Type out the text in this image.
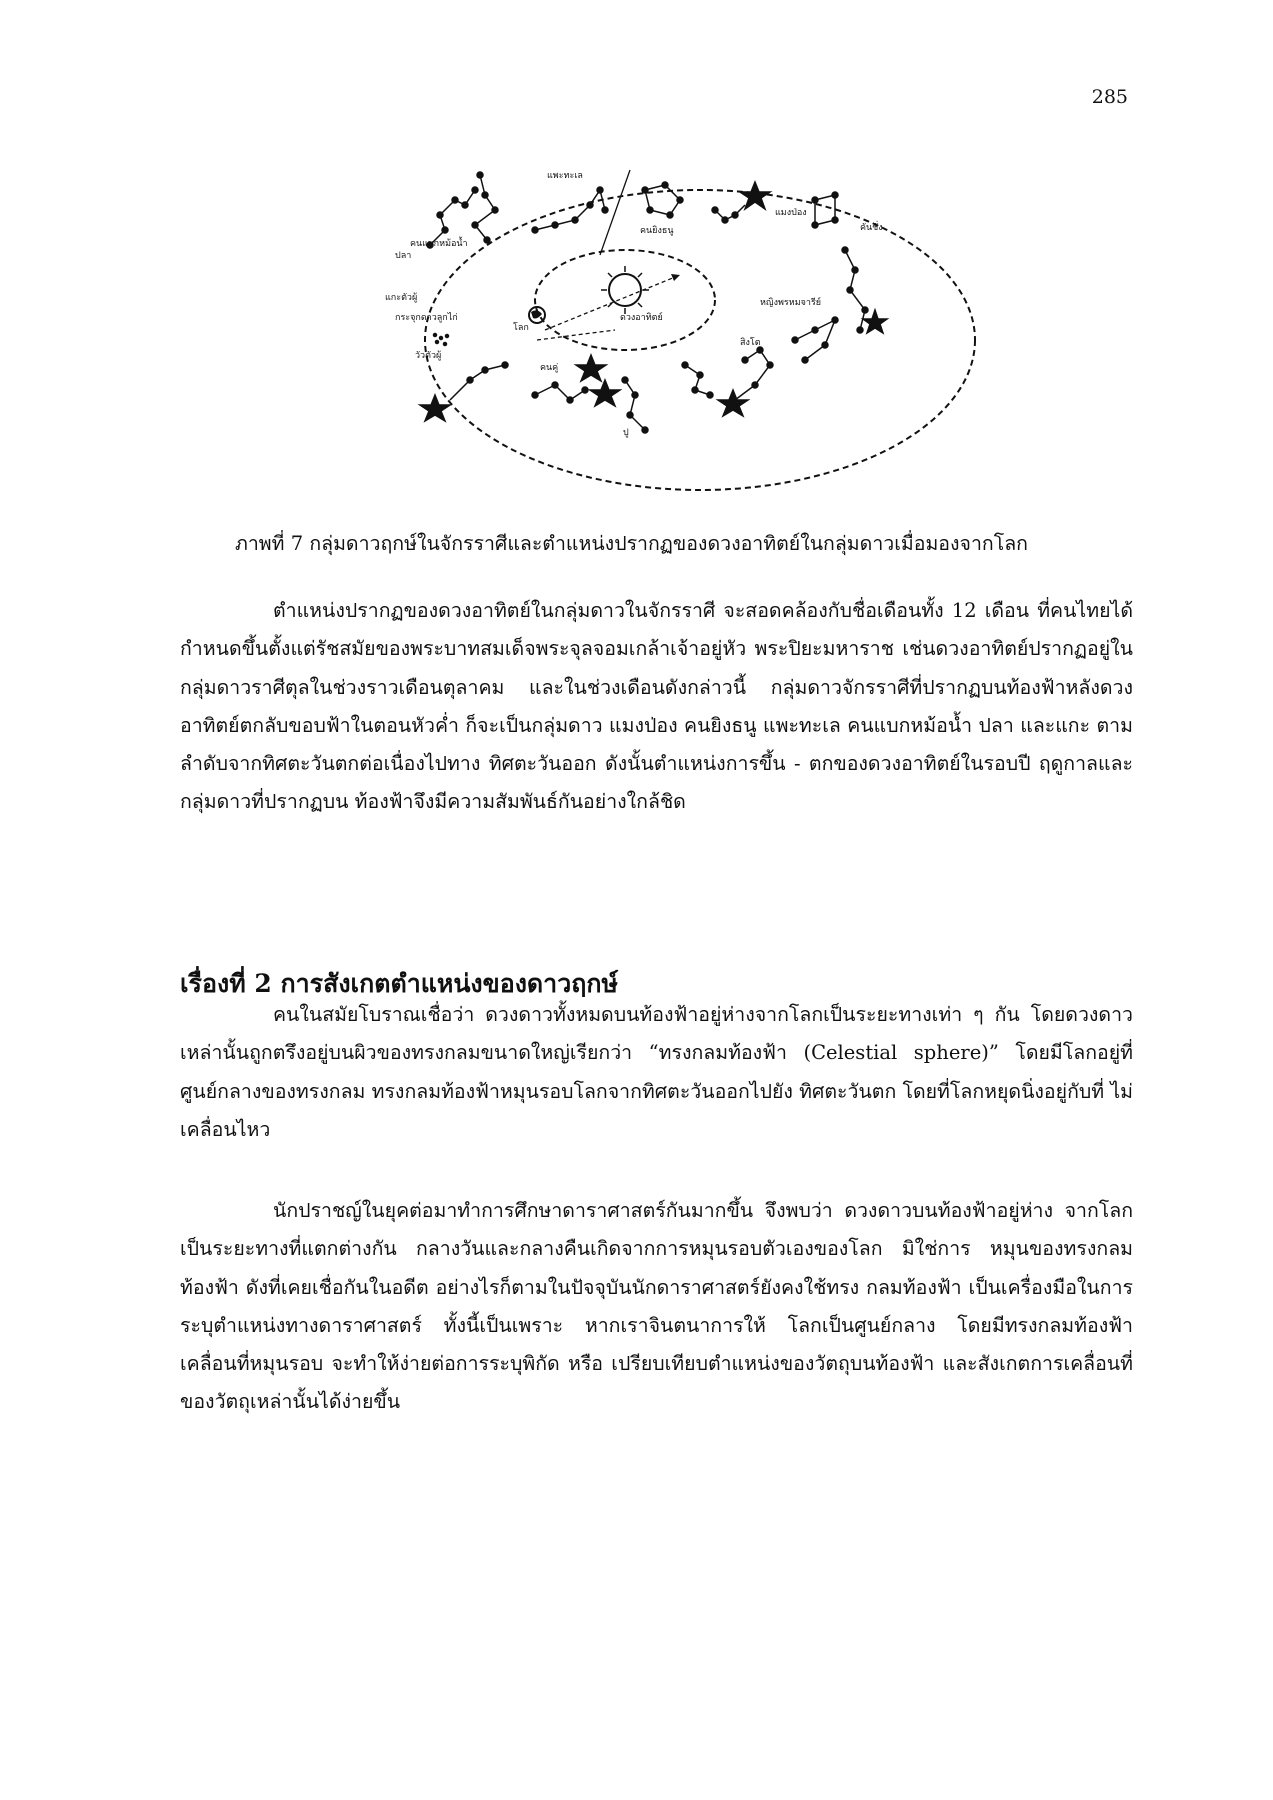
285
แพะทะเล
คนยิงธนู
คนแบกหม้อน้ำ
ปลา
แกะตัวผู้
กระจุกดาวลูกไก่
วัวตัวผู้
คนคู่
ปู
สิงโต
หญิงพรหมจารีย์
คันชั่ง
แมงป่อง
โลก
ดวงอาทิตย์
ภาพที่ 7 กลุ่มดาวฤกษ์ในจักรราศีและตำแหน่งปรากฏของดวงอาทิตย์ในกลุ่มดาวเมื่อมองจากโลก

ตำแหน่งปรากฏของดวงอาทิตย์ในกลุ่มดาวในจักรราศี จะสอดคล้องกับชื่อเดือนทั้ง 12 เดือน ที่คนไทยได้กำหนดขึ้นตั้งแต่รัชสมัยของพระบาทสมเด็จพระจุลจอมเกล้าเจ้าอยู่หัว พระปิยะมหาราช เช่นดวงอาทิตย์ปรากฏอยู่ในกลุ่มดาวราศีตุลในช่วงราวเดือนตุลาคม และในช่วงเดือนดังกล่าวนี้ กลุ่มดาวจักรราศีที่ปรากฏบนท้องฟ้าหลังดวงอาทิตย์ตกลับขอบฟ้าในตอนหัวค่ำ ก็จะเป็นกลุ่มดาว แมงป่อง คนยิงธนู แพะทะเล คนแบกหม้อน้ำ ปลา และแกะ ตามลำดับจากทิศตะวันตกต่อเนื่องไปทาง ทิศตะวันออก ดังนั้นตำแหน่งการขึ้น - ตกของดวงอาทิตย์ในรอบปี ฤดูกาลและกลุ่มดาวที่ปรากฏบน ท้องฟ้าจึงมีความสัมพันธ์กันอย่างใกล้ชิด

เรื่องที่ 2 การสังเกตตำแหน่งของดาวฤกษ์

คนในสมัยโบราณเชื่อว่า ดวงดาวทั้งหมดบนท้องฟ้าอยู่ห่างจากโลกเป็นระยะทางเท่า ๆ กัน โดยดวงดาวเหล่านั้นถูกตรึงอยู่บนผิวของทรงกลมขนาดใหญ่เรียกว่า “ทรงกลมท้องฟ้า (Celestial sphere)” โดยมีโลกอยู่ที่ศูนย์กลางของทรงกลม ทรงกลมท้องฟ้าหมุนรอบโลกจากทิศตะวันออกไปยัง ทิศตะวันตก โดยที่โลกหยุดนิ่งอยู่กับที่ ไม่เคลื่อนไหว

นักปราชญ์ในยุคต่อมาทำการศึกษาดาราศาสตร์กันมากขึ้น จึงพบว่า ดวงดาวบนท้องฟ้าอยู่ห่าง จากโลกเป็นระยะทางที่แตกต่างกัน กลางวันและกลางคืนเกิดจากการหมุนรอบตัวเองของโลก มิใช่การ หมุนของทรงกลมท้องฟ้า ดังที่เคยเชื่อกันในอดีต อย่างไรก็ตามในปัจจุบันนักดาราศาสตร์ยังคงใช้ทรง กลมท้องฟ้า เป็นเครื่องมือในการระบุตำแหน่งทางดาราศาสตร์ ทั้งนี้เป็นเพราะ หากเราจินตนาการให้ โลกเป็นศูนย์กลาง โดยมีทรงกลมท้องฟ้าเคลื่อนที่หมุนรอบ จะทำให้ง่ายต่อการระบุพิกัด หรือ เปรียบเทียบตำแหน่งของวัตถุบนท้องฟ้า และสังเกตการเคลื่อนที่ของวัตถุเหล่านั้นได้ง่ายขึ้น
